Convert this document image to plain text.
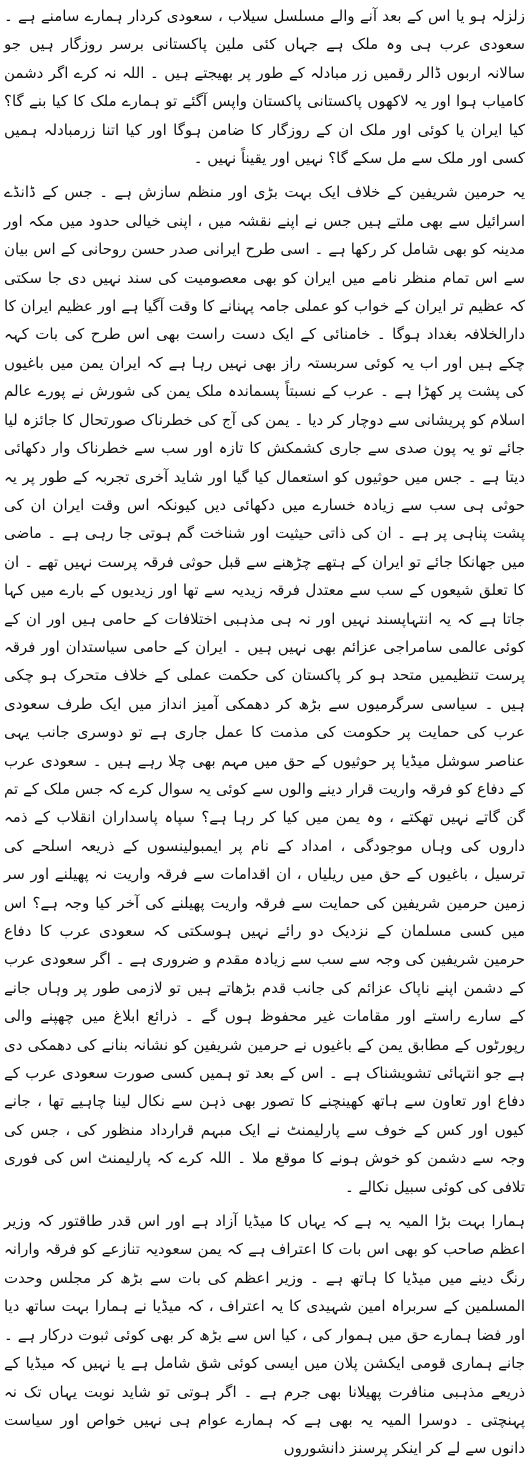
زلزلہ ہو یا اس کے بعد آنے والے مسلسل سیلاب ، سعودی کردار ہمارے سامنے ہے ۔ سعودی عرب ہی وہ ملک ہے جہاں کئی ملین پاکستانی برسر روزگار ہیں جو سالانہ اربوں ڈالر رقمیں زر مبادلہ کے طور پر بھیجتے ہیں ۔ اللہ نہ کرے اگر دشمن کامیاب ہوا اور یہ لاکھوں پاکستانی پاکستان واپس آگئے تو ہمارے ملک کا کیا بنے گا؟ کیا ایران یا کوئی اور ملک ان کے روزگار کا ضامن ہوگا اور کیا اتنا زرمبادلہ ہمیں کسی اور ملک سے مل سکے گا؟ نہیں اور یقیناً نہیں ۔

یہ حرمین شریفین کے خلاف ایک بہت بڑی اور منظم سازش ہے ۔ جس کے ڈانڈے اسرائیل سے بھی ملتے ہیں جس نے اپنے نقشہ میں ، اپنی خیالی حدود میں مکہ اور مدینہ کو بھی شامل کر رکھا ہے ۔ اسی طرح ایرانی صدر حسن روحانی کے اس بیان سے اس تمام منظر نامے میں ایران کو بھی معصومیت کی سند نہیں دی جا سکتی کہ عظیم تر ایران کے خواب کو عملی جامہ پہنانے کا وقت آگیا ہے اور عظیم ایران کا دارالخلافہ بغداد ہوگا ۔ خامنائی کے ایک دست راست بھی اس طرح کی بات کہہ چکے ہیں اور اب یہ کوئی سربستہ راز بھی نہیں رہا ہے کہ ایران یمن میں باغیوں کی پشت پر کھڑا ہے ۔ عرب کے نسبتاً پسماندہ ملک یمن کی شورش نے پورے عالم اسلام کو پریشانی سے دوچار کر دیا ۔ یمن کی آج کی خطرناک صورتحال کا جائزہ لیا جائے تو یہ پون صدی سے جاری کشمکش کا تازہ اور سب سے خطرناک وار دکھائی دیتا ہے ۔ جس میں حوثیوں کو استعمال کیا گیا اور شاید آخری تجربہ کے طور پر یہ حوثی ہی سب سے زیادہ خسارے میں دکھائی دیں کیونکہ اس وقت ایران ان کی پشت پناہی پر ہے ۔ ان کی ذاتی حیثیت اور شناخت گم ہوتی جا رہی ہے ۔ ماضی میں جھانکا جائے تو ایران کے ہتھے چڑھنے سے قبل حوثی فرقہ پرست نہیں تھے ۔ ان کا تعلق شیعوں کے سب سے معتدل فرقہ زیدیہ سے تھا اور زیدیوں کے بارے میں کہا جاتا ہے کہ یہ انتہاپسند نہیں اور نہ ہی مذہبی اختلافات کے حامی ہیں اور ان کے کوئی عالمی سامراجی عزائم بھی نہیں ہیں ۔ ایران کے حامی سیاستدان اور فرقہ پرست تنظیمیں متحد ہو کر پاکستان کی حکمت عملی کے خلاف متحرک ہو چکی ہیں ۔ سیاسی سرگرمیوں سے بڑھ کر دھمکی آمیز انداز میں ایک طرف سعودی عرب کی حمایت پر حکومت کی مذمت کا عمل جاری ہے تو دوسری جانب یہی عناصر سوشل میڈیا پر حوثیوں کے حق میں مہم بھی چلا رہے ہیں ۔ سعودی عرب کے دفاع کو فرقہ واریت قرار دینے والوں سے کوئی یہ سوال کرے کہ جس ملک کے تم گن گاتے نہیں تھکتے ، وہ یمن میں کیا کر رہا ہے؟ سپاہ پاسداران انقلاب کے ذمہ داروں کی وہاں موجودگی ، امداد کے نام پر ایمبولینسوں کے ذریعہ اسلحے کی ترسیل ، باغیوں کے حق میں ریلیاں ، ان اقدامات سے فرقہ واریت نہ پھیلنے اور سر زمین حرمین شریفین کی حمایت سے فرقہ واریت پھیلنے کی آخر کیا وجہ ہے؟ اس میں کسی مسلمان کے نزدیک دو رائے نہیں ہوسکتی کہ سعودی عرب کا دفاع حرمین شریفین کی وجہ سے سب سے زیادہ مقدم و ضروری ہے ۔ اگر سعودی عرب کے دشمن اپنے ناپاک عزائم کی جانب قدم بڑھاتے ہیں تو لازمی طور پر وہاں جانے کے سارے راستے اور مقامات غیر محفوظ ہوں گے ۔ ذرائع ابلاغ میں چھپنے والی رپورٹوں کے مطابق یمن کے باغیوں نے حرمین شریفین کو نشانہ بنانے کی دھمکی دی ہے جو انتہائی تشویشناک ہے ۔ اس کے بعد تو ہمیں کسی صورت سعودی عرب کے دفاع اور تعاون سے ہاتھ کھینچنے کا تصور بھی ذہن سے نکال لینا چاہیے تھا ، جانے کیوں اور کس کے خوف سے پارلیمنٹ نے ایک مبہم قرارداد منظور کی ، جس کی وجہ سے دشمن کو خوش ہونے کا موقع ملا ۔ اللہ کرے کہ پارلیمنٹ اس کی فوری تلافی کی کوئی سبیل نکالے ۔

ہمارا بہت بڑا المیہ یہ ہے کہ یہاں کا میڈیا آزاد ہے اور اس قدر طاقتور کہ وزیر اعظم صاحب کو بھی اس بات کا اعتراف ہے کہ یمن سعودیہ تنازعے کو فرقہ وارانہ رنگ دینے میں میڈیا کا ہاتھ ہے ۔ وزیر اعظم کی بات سے بڑھ کر مجلس وحدت المسلمین کے سربراہ امین شہیدی کا یہ اعتراف ، کہ میڈیا نے ہمارا بہت ساتھ دیا اور فضا ہمارے حق میں ہموار کی ، کیا اس سے بڑھ کر بھی کوئی ثبوت درکار ہے ۔ جانے ہماری قومی ایکشن پلان میں ایسی کوئی شق شامل ہے یا نہیں کہ میڈیا کے ذریعے مذہبی منافرت پھیلانا بھی جرم ہے ۔ اگر ہوتی تو شاید نوبت یہاں تک نہ پہنچتی ۔ دوسرا المیہ یہ بھی ہے کہ ہمارے عوام ہی نہیں خواص اور سیاست دانوں سے لے کر اینکر پرسنز دانشوروں
